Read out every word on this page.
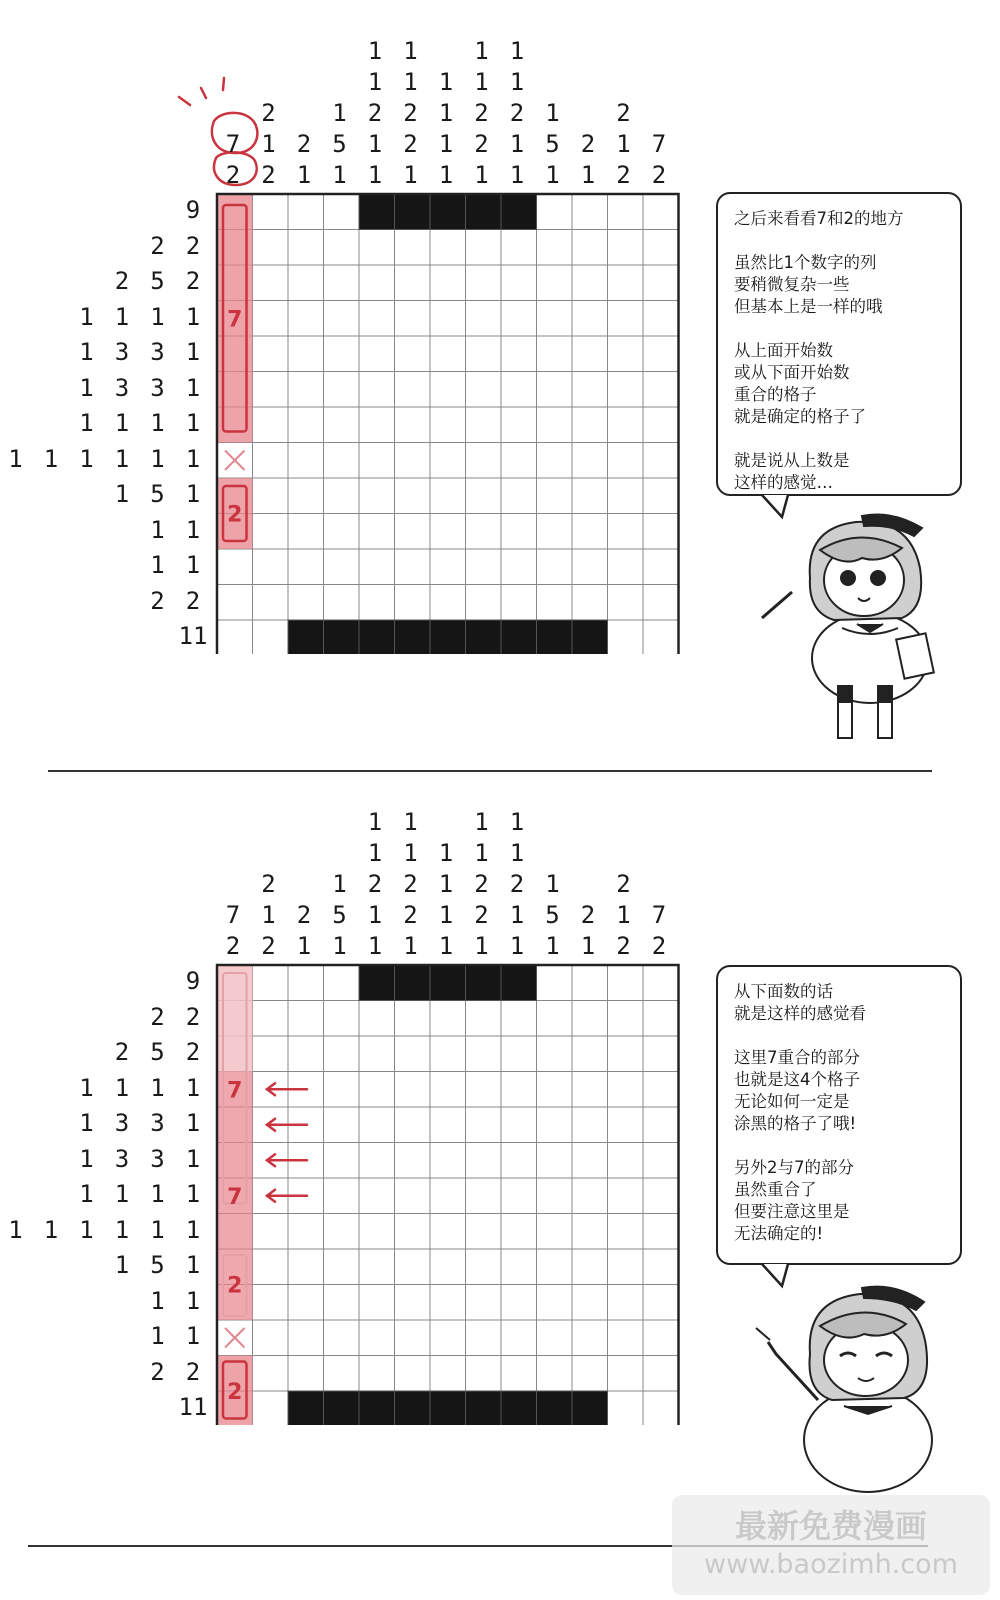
7
2
2
1
2
2
1
1
5
1
1
1
2
1
1
1
1
2
2
1
1
1
1
1
1
1
2
2
1
1
1
2
1
1
1
5
1
2
1
2
1
2
7
2
9
2 2
2 5 2
1 1 1 1
1 3 3 1
1 3 3 1
1 1 1 1
1 1 1 1 1 1
1 5 1
1 1
1 1
2 2
11
7
2

之后来看看7和2的地方

虽然比1个数字的列
要稍微复杂一些
但基本上是一样的哦

从上面开始数
或从下面开始数
重合的格子
就是确定的格子了

就是说从上数是
这样的感觉…

7
2
2
1
2
2
1
1
5
1
1
1
2
1
1
1
1
2
2
1
1
1
1
1
1
1
2
2
1
1
1
2
1
1
1
5
1
2
1
2
1
2
7
2
9
2 2
2 5 2
1 1 1 1
1 3 3 1
1 3 3 1
1 1 1 1
1 1 1 1 1 1
1 5 1
1 1
1 1
2 2
11
7
7
2
2

从下面数的话
就是这样的感觉看

这里7重合的部分
也就是这4个格子
无论如何一定是
涂黑的格子了哦!

另外2与7的部分
虽然重合了
但要注意这里是
无法确定的!

最新免费漫画
www.baozimh.com
